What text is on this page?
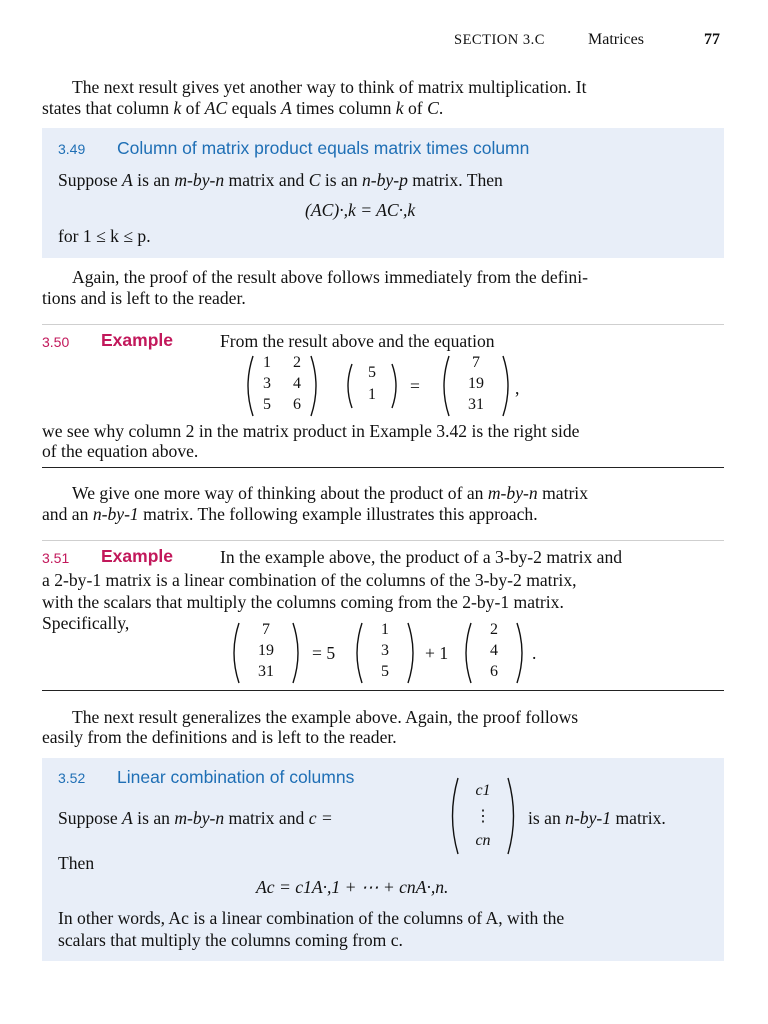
SECTION 3.C	Matrices	77
The next result gives yet another way to think of matrix multiplication. It
states that column k of AC equals A times column k of C.
3.49 Column of matrix product equals matrix times column
Suppose A is an m-by-n matrix and C is an n-by-p matrix. Then
(AC)·,k = AC·,k
for 1 ≤ k ≤ p.
Again, the proof of the result above follows immediately from the defini-
tions and is left to the reader.
3.50 Example	From the result above and the equation
1	2
3	4
5	6
5
1	=
7
19
31
,
we see why column 2 in the matrix product in Example 3.42 is the right side
of the equation above.
We give one more way of thinking about the product of an m-by-n matrix
and an n-by-1 matrix. The following example illustrates this approach.
3.51 Example	In the example above, the product of a 3-by-2 matrix and
a 2-by-1 matrix is a linear combination of the columns of the 3-by-2 matrix,
with the scalars that multiply the columns coming from the 2-by-1 matrix.
Specifically,	7
19
31
= 5
1
3
5
+ 1
2
4
6
.
The next result generalizes the example above. Again, the proof follows
easily from the definitions and is left to the reader.
3.52 Linear combination of columns
Suppose A is an m-by-n matrix and c =
c1
⋮
cn
is an n-by-1 matrix.
Then
Ac = c1A·,1 + ⋯ + cnA·,n.
In other words, Ac is a linear combination of the columns of A, with the
scalars that multiply the columns coming from c.
